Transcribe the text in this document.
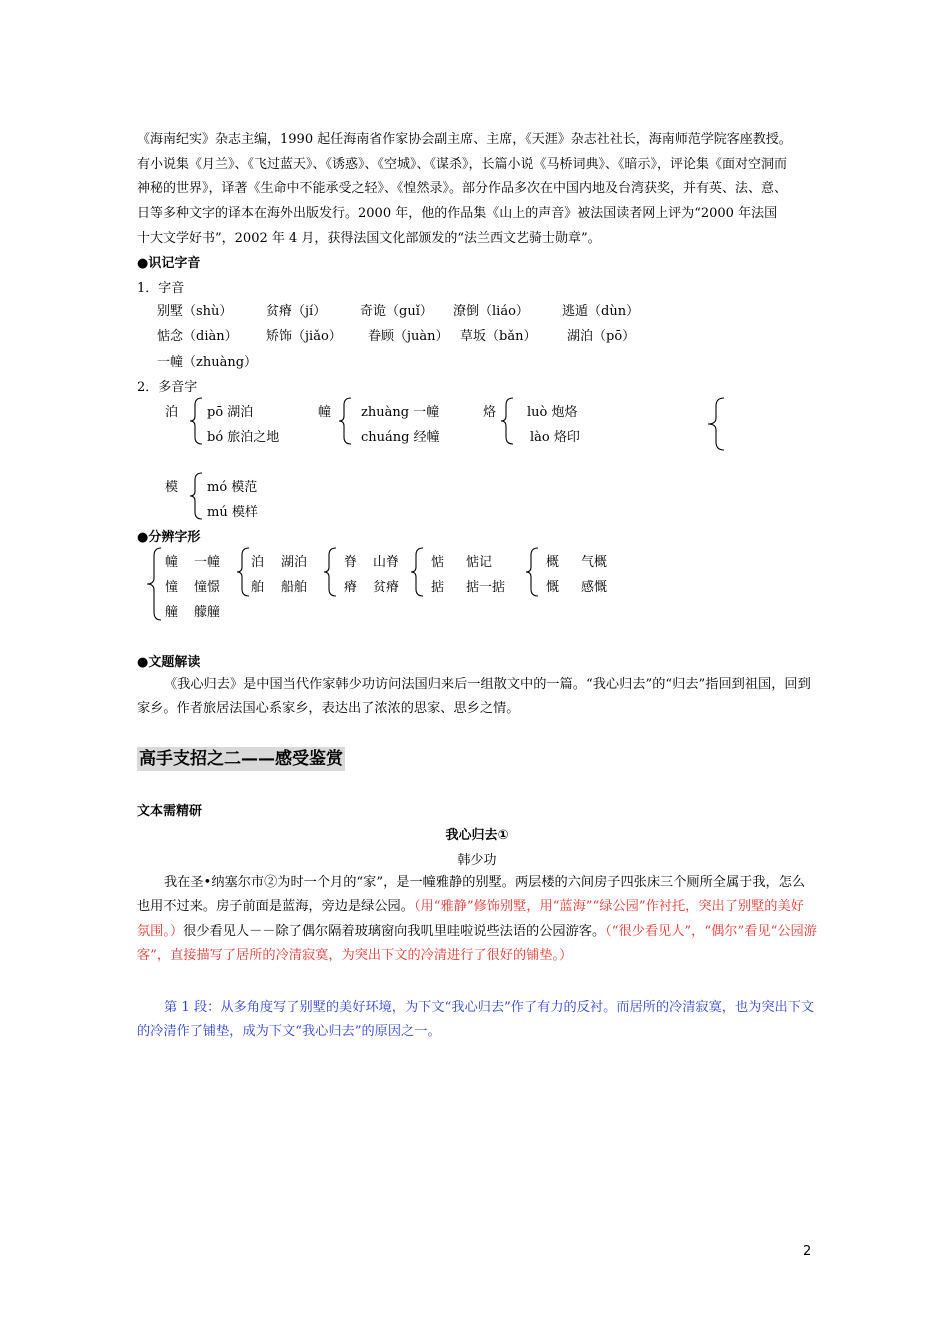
《海南纪实》杂志主编，1990 起任海南省作家协会副主席、主席，《天涯》杂志社社长，海南师范学院客座教授。
有小说集《月兰》、《飞过蓝天》、《诱惑》、《空城》、《谋杀》，长篇小说《马桥词典》、《暗示》，评论集《面对空洞而
神秘的世界》，译著《生命中不能承受之轻》、《惶然录》。部分作品多次在中国内地及台湾获奖，并有英、法、意、
日等多种文字的译本在海外出版发行。2000 年，他的作品集《山上的声音》被法国读者网上评为“2000 年法国
十大文学好书”，2002 年 4 月，获得法国文化部颁发的“法兰西文艺骑士勋章”。
●识记字音
1．字音
别墅（shù）	贫瘠（jí）	奇诡（guǐ） 潦倒（liáo）	逃遁（dùn）
惦念（diàn） 矫饰（jiǎo） 眷顾（juàn） 草坂（bǎn） 湖泊（pō）
一幢（zhuàng）
2．多音字
泊 pō 湖泊
bó 旅泊之地
幢 zhuàng 一幢
chuáng 经幢
烙 luò 炮烙
lào 烙印
模 mó 模范
mú 模样
●分辨字形
幢 一幢
憧 憧憬
艟 艨艟
泊 湖泊
舶 船舶
脊 山脊
瘠 贫瘠
惦 惦记
掂 掂一掂
概 气概
慨 感慨
●文题解读
《我心归去》是中国当代作家韩少功访问法国归来后一组散文中的一篇。“我心归去”的“归去”指回到祖国，回到家乡。作者旅居法国心系家乡，表达出了浓浓的思家、思乡之情。
高手支招之二——感受鉴赏
文本需精研
我心归去①
韩少功
我在圣•纳塞尔市②为时一个月的“家”，是一幢雅静的别墅。两层楼的六间房子四张床三个厕所全属于我，怎么也用不过来。房子前面是蓝海，旁边是绿公园。（用“雅静”修饰别墅，用“蓝海”“绿公园”作衬托，突出了别墅的美好氛围。）很少看见人－－除了偶尔隔着玻璃窗向我叽里哇啦说些法语的公园游客。（“很少看见人”，“偶尔”看见“公园游客”，直接描写了居所的冷清寂寞，为突出下文的冷清进行了很好的铺垫。）
第 1 段：从多角度写了别墅的美好环境，为下文“我心归去”作了有力的反衬。而居所的冷清寂寞，也为突出下文的冷清作了铺垫，成为下文“我心归去”的原因之一。
2
